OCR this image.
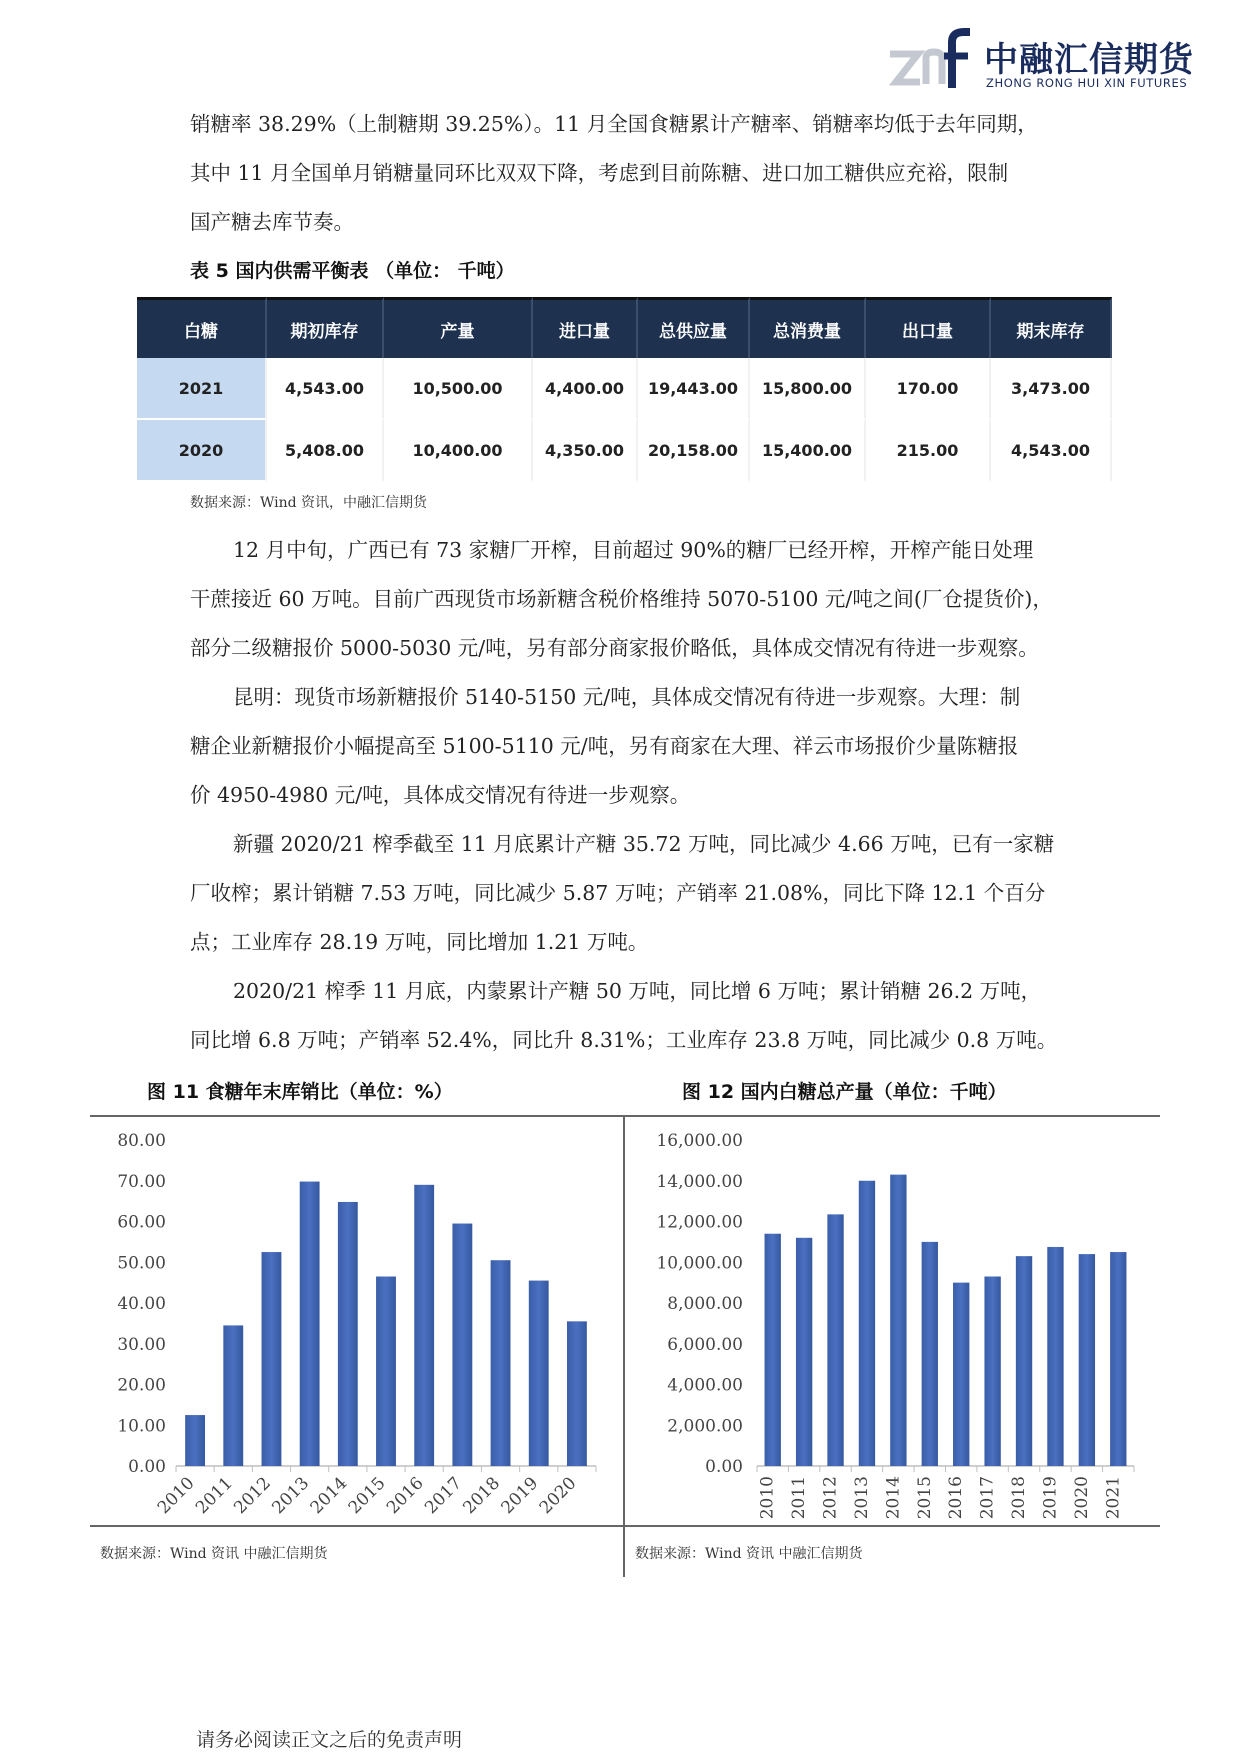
中融汇信期货
ZHONG RONG HUI XIN FUTURES
销糖率 38.29%（上制糖期 39.25%）。11 月全国食糖累计产糖率、销糖率均低于去年同期，
其中 11 月全国单月销糖量同环比双双下降，考虑到目前陈糖、进口加工糖供应充裕，限制
国产糖去库节奏。
表 5 国内供需平衡表 （单位： 千吨）
白糖	期初库存	产量	进口量	总供应量	总消费量	出口量	期末库存
2021	4,543.00	10,500.00	4,400.00	19,443.00	15,800.00	170.00	3,473.00
2020	5,408.00	10,400.00	4,350.00	20,158.00	15,400.00	215.00	4,543.00
数据来源：Wind 资讯，中融汇信期货
12 月中旬，广西已有 73 家糖厂开榨，目前超过 90%的糖厂已经开榨，开榨产能日处理
干蔗接近 60 万吨。目前广西现货市场新糖含税价格维持 5070-5100 元/吨之间(厂仓提货价)，
部分二级糖报价 5000-5030 元/吨，另有部分商家报价略低，具体成交情况有待进一步观察。
昆明：现货市场新糖报价 5140-5150 元/吨，具体成交情况有待进一步观察。大理：制
糖企业新糖报价小幅提高至 5100-5110 元/吨，另有商家在大理、祥云市场报价少量陈糖报
价 4950-4980 元/吨，具体成交情况有待进一步观察。
新疆 2020/21 榨季截至 11 月底累计产糖 35.72 万吨，同比减少 4.66 万吨，已有一家糖
厂收榨；累计销糖 7.53 万吨，同比减少 5.87 万吨；产销率 21.08%，同比下降 12.1 个百分
点；工业库存 28.19 万吨，同比增加 1.21 万吨。
2020/21 榨季 11 月底，内蒙累计产糖 50 万吨，同比增 6 万吨；累计销糖 26.2 万吨，
同比增 6.8 万吨；产销率 52.4%，同比升 8.31%；工业库存 23.8 万吨，同比减少 0.8 万吨。
图 11 食糖年末库销比（单位：%）	图 12 国内白糖总产量（单位：千吨）
0.00
10.00
20.00
30.00
40.00
50.00
60.00
70.00
80.00
2010
2011
2012
2013
2014
2015
2016
2017
2018
2019
2020
0.00
2,000.00
4,000.00
6,000.00
8,000.00
10,000.00
12,000.00
14,000.00
16,000.00
2010 2011 2012 2013 2014 2015 2016 2017 2018 2019 2020 2021
数据来源：Wind 资讯 中融汇信期货	数据来源：Wind 资讯 中融汇信期货
请务必阅读正文之后的免责声明
